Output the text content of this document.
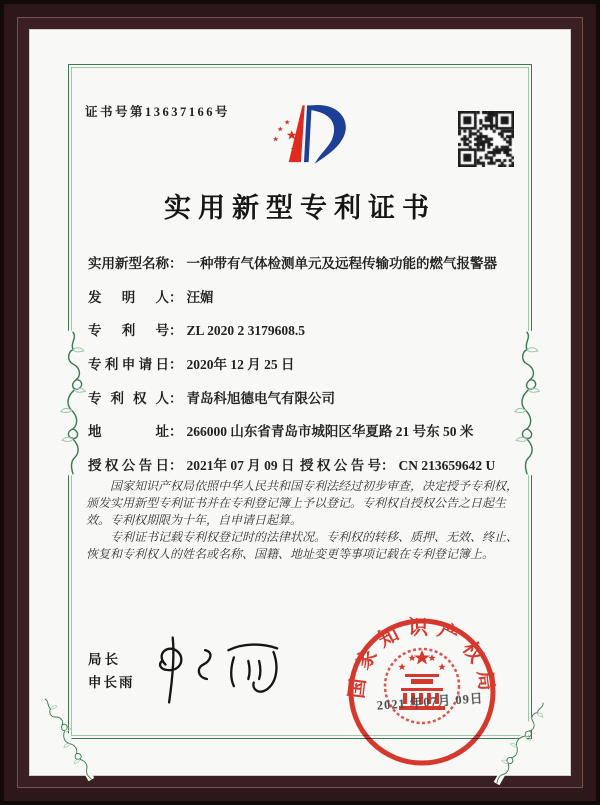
证书号第13637166号
实用新型专利证书
实用新型名称 ： 一种带有气体检测单元及远程传输功能的燃气报警器
发明人 ： 汪媚
专利号 ： ZL 2020 2 3179608.5
专利申请日 ： 2020年 12 月 25 日
专利权人 ： 青岛科旭德电气有限公司
地址 ： 266000 山东省青岛市城阳区华夏路 21 号东 50 米
授权公告日 ： 2021年 07 月 09 日 授权公告号 ： CN 213659642 U

国家知识产权局依照中华人民共和国专利法经过初步审查，决定授予专利权，颁发实用新型专利证书并在专利登记簿上予以登记。专利权自授权公告之日起生效。专利权期限为十年，自申请日起算。

专利证书记载专利权登记时的法律状况。专利权的转移、质押、无效、终止、恢复和专利权人的姓名或名称、国籍、地址变更等事项记载在专利登记簿上。

局长
申长雨	国家知识产权局
2021 年07月 09日
